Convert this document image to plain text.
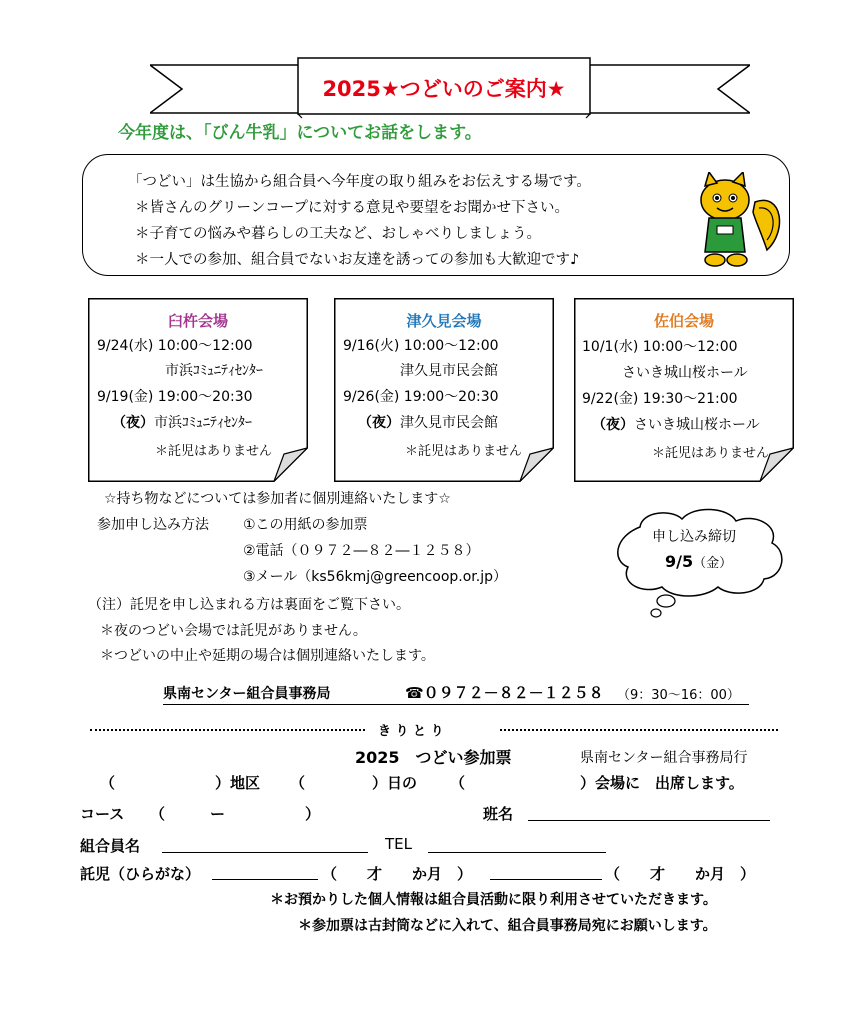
2025★つどいのご案内★
今年度は、「びん牛乳」についてお話をします。
「つどい」は生協から組合員へ今年度の取り組みをお伝えする場です。
＊皆さんのグリーンコープに対する意見や要望をお聞かせ下さい。
＊子育ての悩みや暮らしの工夫など、おしゃべりしましょう。
＊一人での参加、組合員でないお友達を誘っての参加も大歓迎です♪
臼杵会場
9/24(水) 10:00～12:00
市浜ｺﾐｭﾆﾃｨｾﾝﾀｰ
9/19(金) 19:00～20:30
（夜）市浜ｺﾐｭﾆﾃｨｾﾝﾀｰ
＊託児はありません
津久見会場
9/16(火) 10:00～12:00
津久見市民会館
9/26(金) 19:00～20:30
（夜）津久見市民会館
＊託児はありません
佐伯会場
10/1(水) 10:00～12:00
さいき城山桜ホール
9/22(金) 19:30～21:00
（夜）さいき城山桜ホール
＊託児はありません
☆持ち物などについては参加者に個別連絡いたします☆
参加申し込み方法 ①この用紙の参加票
②電話（０９７２―８２―１２５８）
③メール（ks56kmj@greencoop.or.jp）
（注）託児を申し込まれる方は裏面をご覧下さい。
＊夜のつどい会場では託児がありません。
＊つどいの中止や延期の場合は個別連絡いたします。
申し込み締切
9/5（金）
県南センター組合員事務局	☎０９７２－８２－１２５８ （9：30～16：00）
き り と り
2025　つどい参加票	県南センター組合事務局行
（	）地区 （	）日の （	）会場に　出席します。
コース （	ー	）	班名
組合員名	TEL
託児（ひらがな）	（　　才　　か月　）	（　　才　　か月　）
＊お預かりした個人情報は組合員活動に限り利用させていただきます。
＊参加票は古封筒などに入れて、組合員事務局宛にお願いします。
